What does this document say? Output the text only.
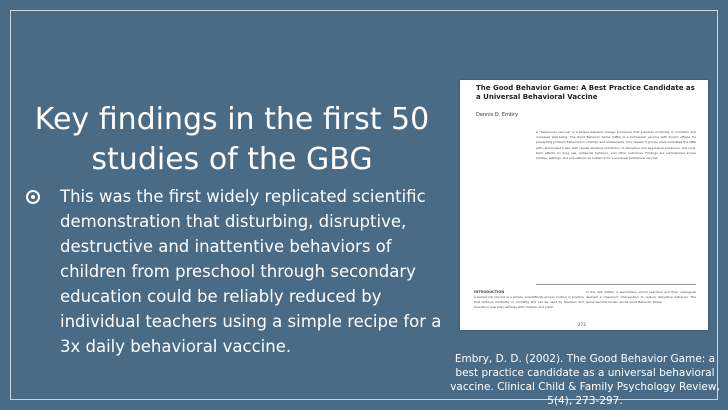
Key findings in the first 50 studies of the GBG
This was the first widely replicated scientific demonstration that disturbing, disruptive, destructive and inattentive behaviors of children from preschool through secondary education could be reliably reduced by individual teachers using a simple recipe for a 3x daily behavioral vaccine.
The Good Behavior Game: A Best Practice Candidate as a Universal Behavioral Vaccine
Dennis D. Embry
A "behavioral vaccine" is a simple behavior-change procedure that prevents morbidity or mortality and increases well-being. The Good Behavior Game (GBG) is a behavioral vaccine with known effects for preventing problem behaviors in children and adolescents. Four research groups have evaluated the GBG with randomized trials, with results showing reductions of disruptive and aggressive behaviors, and long-term effects on drug use, antisocial behavior, and other outcomes. Findings are summarized across studies, settings, and populations as evidence for a universal behavioral vaccine.
INTRODUCTION
A behavioral vaccine is a simple, scientifically proven routine or practice that reduces morbidity or mortality and can be used by teachers and parents in everyday settings with children and youth.
In the late 1960s, 2 elementary school teachers and their colleagues devised a classroom intervention to reduce disruptive behavior. The game became known as the Good Behavior Game.
273
Embry, D. D. (2002). The Good Behavior Game: a best practice candidate as a universal behavioral vaccine. Clinical Child & Family Psychology Review, 5(4), 273-297.
